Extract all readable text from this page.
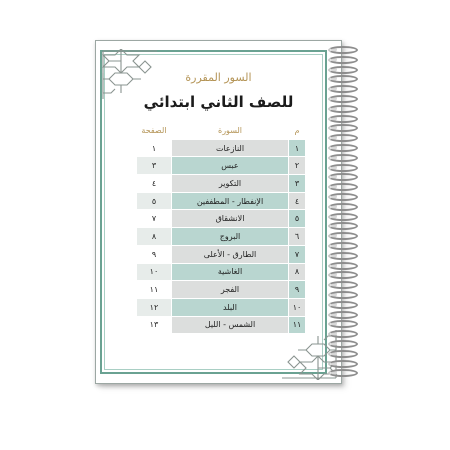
السور المقررة
للصف الثاني ابتدائي
م	السورة	الصفحة
١	النازعات	١
٢	عبس	٣
٣	التكوير	٤
٤	الإنفطار - المطففين	٥
٥	الانشقاق	٧
٦	البروج	٨
٧	الطارق - الأعلى	٩
٨	الغاشية	١٠
٩	الفجر	١١
١٠	البلد	١٢
١١	الشمس - الليل	١٣
